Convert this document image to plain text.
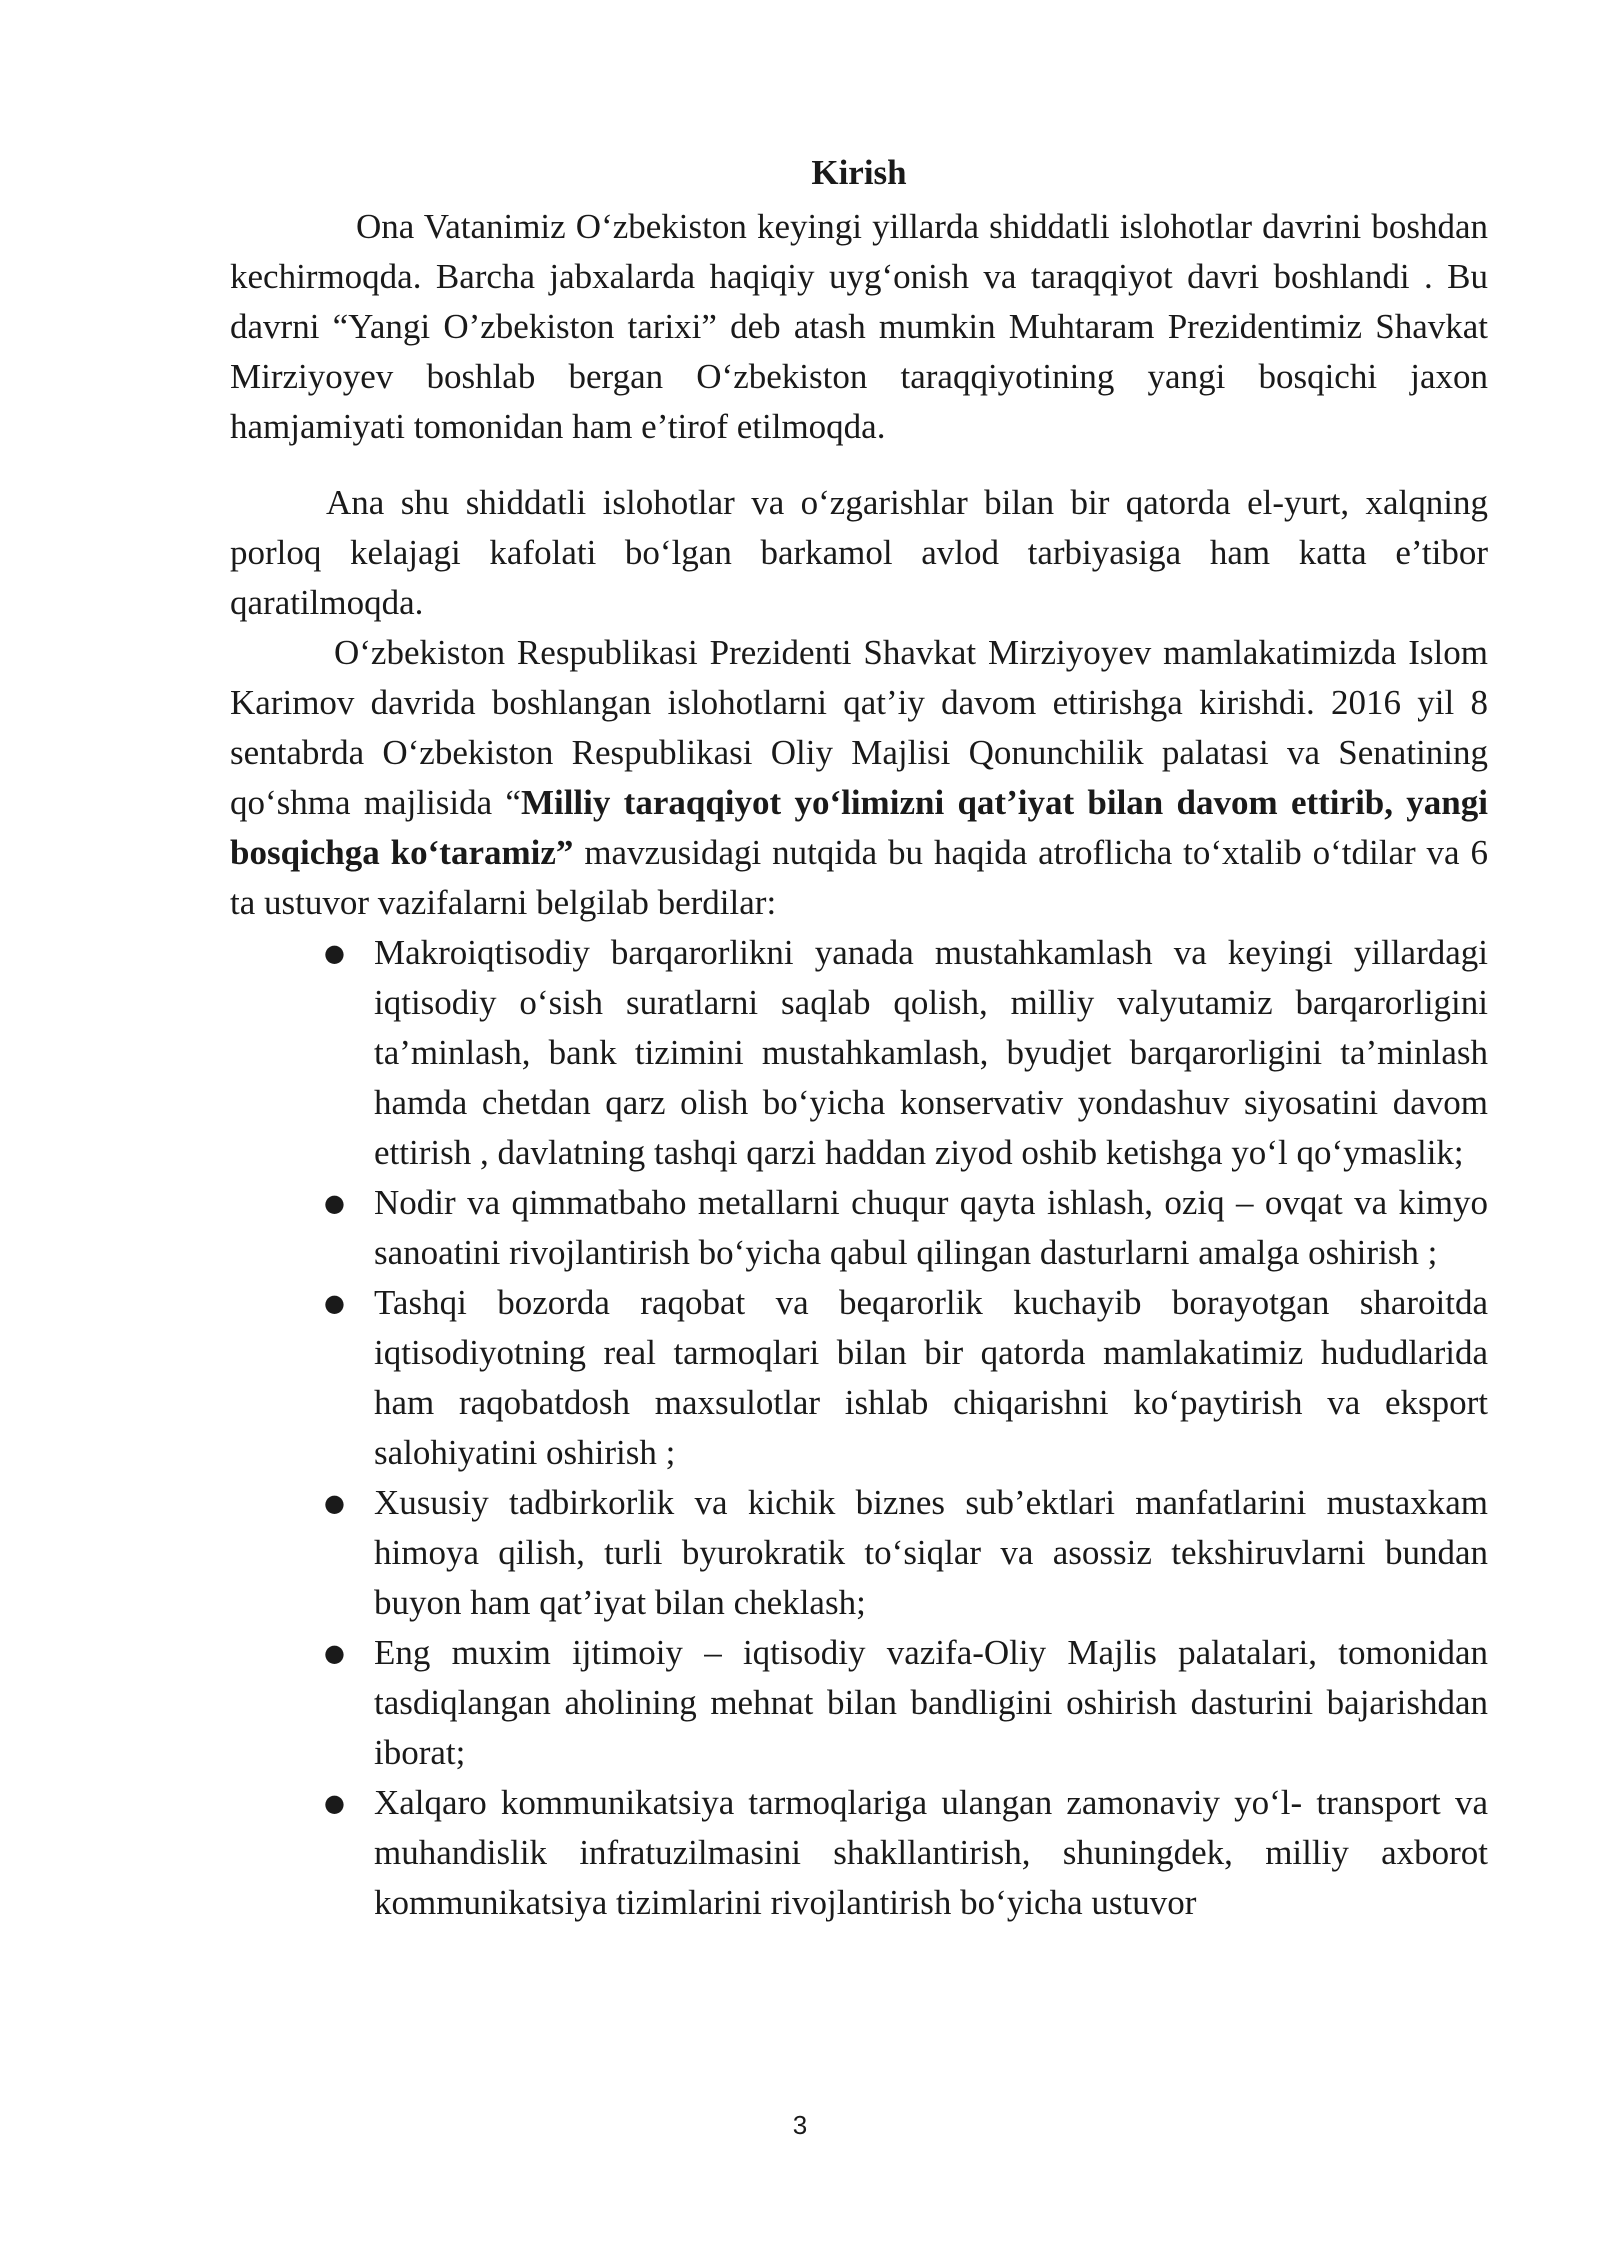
Kirish

Ona Vatanimiz O‘zbekiston keyingi yillarda shiddatli islohotlar davrini boshdan kechirmoqda. Barcha jabxalarda haqiqiy uyg‘onish va taraqqiyot davri boshlandi . Bu davrni “Yangi O’zbekiston tarixi” deb atash mumkin Muhtaram Prezidentimiz Shavkat Mirziyoyev boshlab bergan O‘zbekiston taraqqiyotining yangi bosqichi jaxon hamjamiyati tomonidan ham e’tirof etilmoqda.

Ana shu shiddatli islohotlar va o‘zgarishlar bilan bir qatorda el-yurt, xalqning porloq kelajagi kafolati bo‘lgan barkamol avlod tarbiyasiga ham katta e’tibor qaratilmoqda.

O‘zbekiston Respublikasi Prezidenti Shavkat Mirziyoyev mamlakatimizda Islom Karimov davrida boshlangan islohotlarni qat’iy davom ettirishga kirishdi. 2016 yil 8 sentabrda O‘zbekiston Respublikasi Oliy Majlisi Qonunchilik palatasi va Senatining qo‘shma majlisida “Milliy taraqqiyot yo‘limizni qat’iyat bilan davom ettirib, yangi bosqichga ko‘taramiz” mavzusidagi nutqida bu haqida atroflicha to‘xtalib o‘tdilar va 6 ta ustuvor vazifalarni belgilab berdilar:

● Makroiqtisodiy barqarorlikni yanada mustahkamlash va keyingi yillardagi iqtisodiy o‘sish suratlarni saqlab qolish, milliy valyutamiz barqarorligini ta’minlash, bank tizimini mustahkamlash, byudjet barqarorligini ta’minlash hamda chetdan qarz olish bo‘yicha konservativ yondashuv siyosatini davom ettirish , davlatning tashqi qarzi haddan ziyod oshib ketishga yo‘l qo‘ymaslik;
● Nodir va qimmatbaho metallarni chuqur qayta ishlash, oziq – ovqat va kimyo sanoatini rivojlantirish bo‘yicha qabul qilingan dasturlarni amalga oshirish ;
● Tashqi bozorda raqobat va beqarorlik kuchayib borayotgan sharoitda iqtisodiyotning real tarmoqlari bilan bir qatorda mamlakatimiz hududlarida ham raqobatdosh maxsulotlar ishlab chiqarishni ko‘paytirish va eksport salohiyatini oshirish ;
● Xususiy tadbirkorlik va kichik biznes sub’ektlari manfatlarini mustaxkam himoya qilish, turli byurokratik to‘siqlar va asossiz tekshiruvlarni bundan buyon ham qat’iyat bilan cheklash;
● Eng muxim ijtimoiy – iqtisodiy vazifa-Oliy Majlis palatalari, tomonidan tasdiqlangan aholining mehnat bilan bandligini oshirish dasturini bajarishdan iborat;
● Xalqaro kommunikatsiya tarmoqlariga ulangan zamonaviy yo‘l- transport va muhandislik infratuzilmasini shakllantirish, shuningdek, milliy axborot kommunikatsiya tizimlarini rivojlantirish bo‘yicha ustuvor
3
